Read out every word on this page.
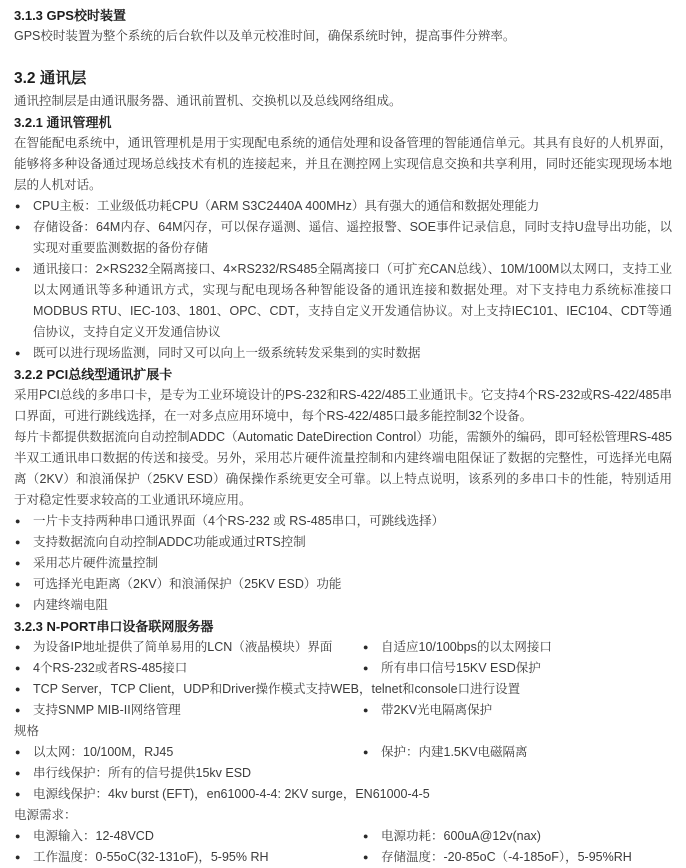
3.1.3 GPS校时装置

GPS校时装置为整个系统的后台软件以及单元校准时间，确保系统时钟，提高事件分辨率。

3.2 通讯层

通讯控制层是由通讯服务器、通讯前置机、交换机以及总线网络组成。

3.2.1 通讯管理机

在智能配电系统中，通讯管理机是用于实现配电系统的通信处理和设备管理的智能通信单元。其具有良好的人机界面，能够将多种设备通过现场总线技术有机的连接起来，并且在测控网上实现信息交换和共享利用，同时还能实现现场本地层的人机对话。

● CPU主板：工业级低功耗CPU（ARM S3C2440A 400MHz）具有强大的通信和数据处理能力
● 存储设备：64M内存、64M闪存，可以保存遥测、遥信、遥控报警、SOE事件记录信息，同时支持U盘导出功能，以实现对重要监测数据的备份存储
● 通讯接口：2×RS232全隔离接口、4×RS232/RS485全隔离接口（可扩充CAN总线）、10M/100M以太网口，支持工业以太网通讯等多种通讯方式，实现与配电现场各种智能设备的通讯连接和数据处理。对下支持电力系统标准接口MODBUS RTU、IEC-103、1801、OPC、CDT，支持自定义开发通信协议。对上支持IEC101、IEC104、CDT等通信协议，支持自定义开发通信协议
● 既可以进行现场监测，同时又可以向上一级系统转发采集到的实时数据
3.2.2 PCI总线型通讯扩展卡

采用PCI总线的多串口卡，是专为工业环境设计的PS-232和RS-422/485工业通讯卡。它支持4个RS-232或RS-422/485串口界面，可进行跳线选择，在一对多点应用环境中，每个RS-422/485口最多能控制32个设备。

每片卡都提供数据流向自动控制ADDC（Automatic DateDirection Control）功能，需额外的编码，即可轻松管理RS-485半双工通讯串口数据的传送和接受。另外，采用芯片硬件流量控制和内建终端电阻保证了数据的完整性，可选择光电隔离（2KV）和浪涌保护（25KV ESD）确保操作系统更安全可靠。以上特点说明，该系列的多串口卡的性能，特别适用于对稳定性要求较高的工业通讯环境应用。

● 一片卡支持两种串口通讯界面（4个RS-232 或 RS-485串口，可跳线选择）
● 支持数据流向自动控制ADDC功能或通过RTS控制
● 采用芯片硬件流量控制
● 可选择光电距离（2KV）和浪涌保护（25KV ESD）功能
● 内建终端电阻
3.2.3 N-PORT串口设备联网服务器
● 为设备IP地址提供了简单易用的LCN（液晶模块）界面	● 自适应10/100bps的以太网接口
● 4个RS-232或者RS-485接口	● 所有串口信号15KV ESD保护
● TCP Server，TCP Client，UDP和Driver操作模式支持WEB，telnet和console口进行设置
● 支持SNMP MIB-II网络管理	● 带2KV光电隔离保护
规格
● 以太网：10/100M，RJ45	● 保护：内建1.5KV电磁隔离
● 串行线保护：所有的信号提供15kv ESD
● 电源线保护：4kv burst (EFT)，en61000-4-4: 2KV surge，EN61000-4-5
电源需求：
● 电源输入：12-48VCD	● 电源功耗：600uA@12v(nax)
● 工作温度：0-55oC(32-131oF)，5-95% RH	● 存储温度：-20-85oC（-4-185oF），5-95%RH
